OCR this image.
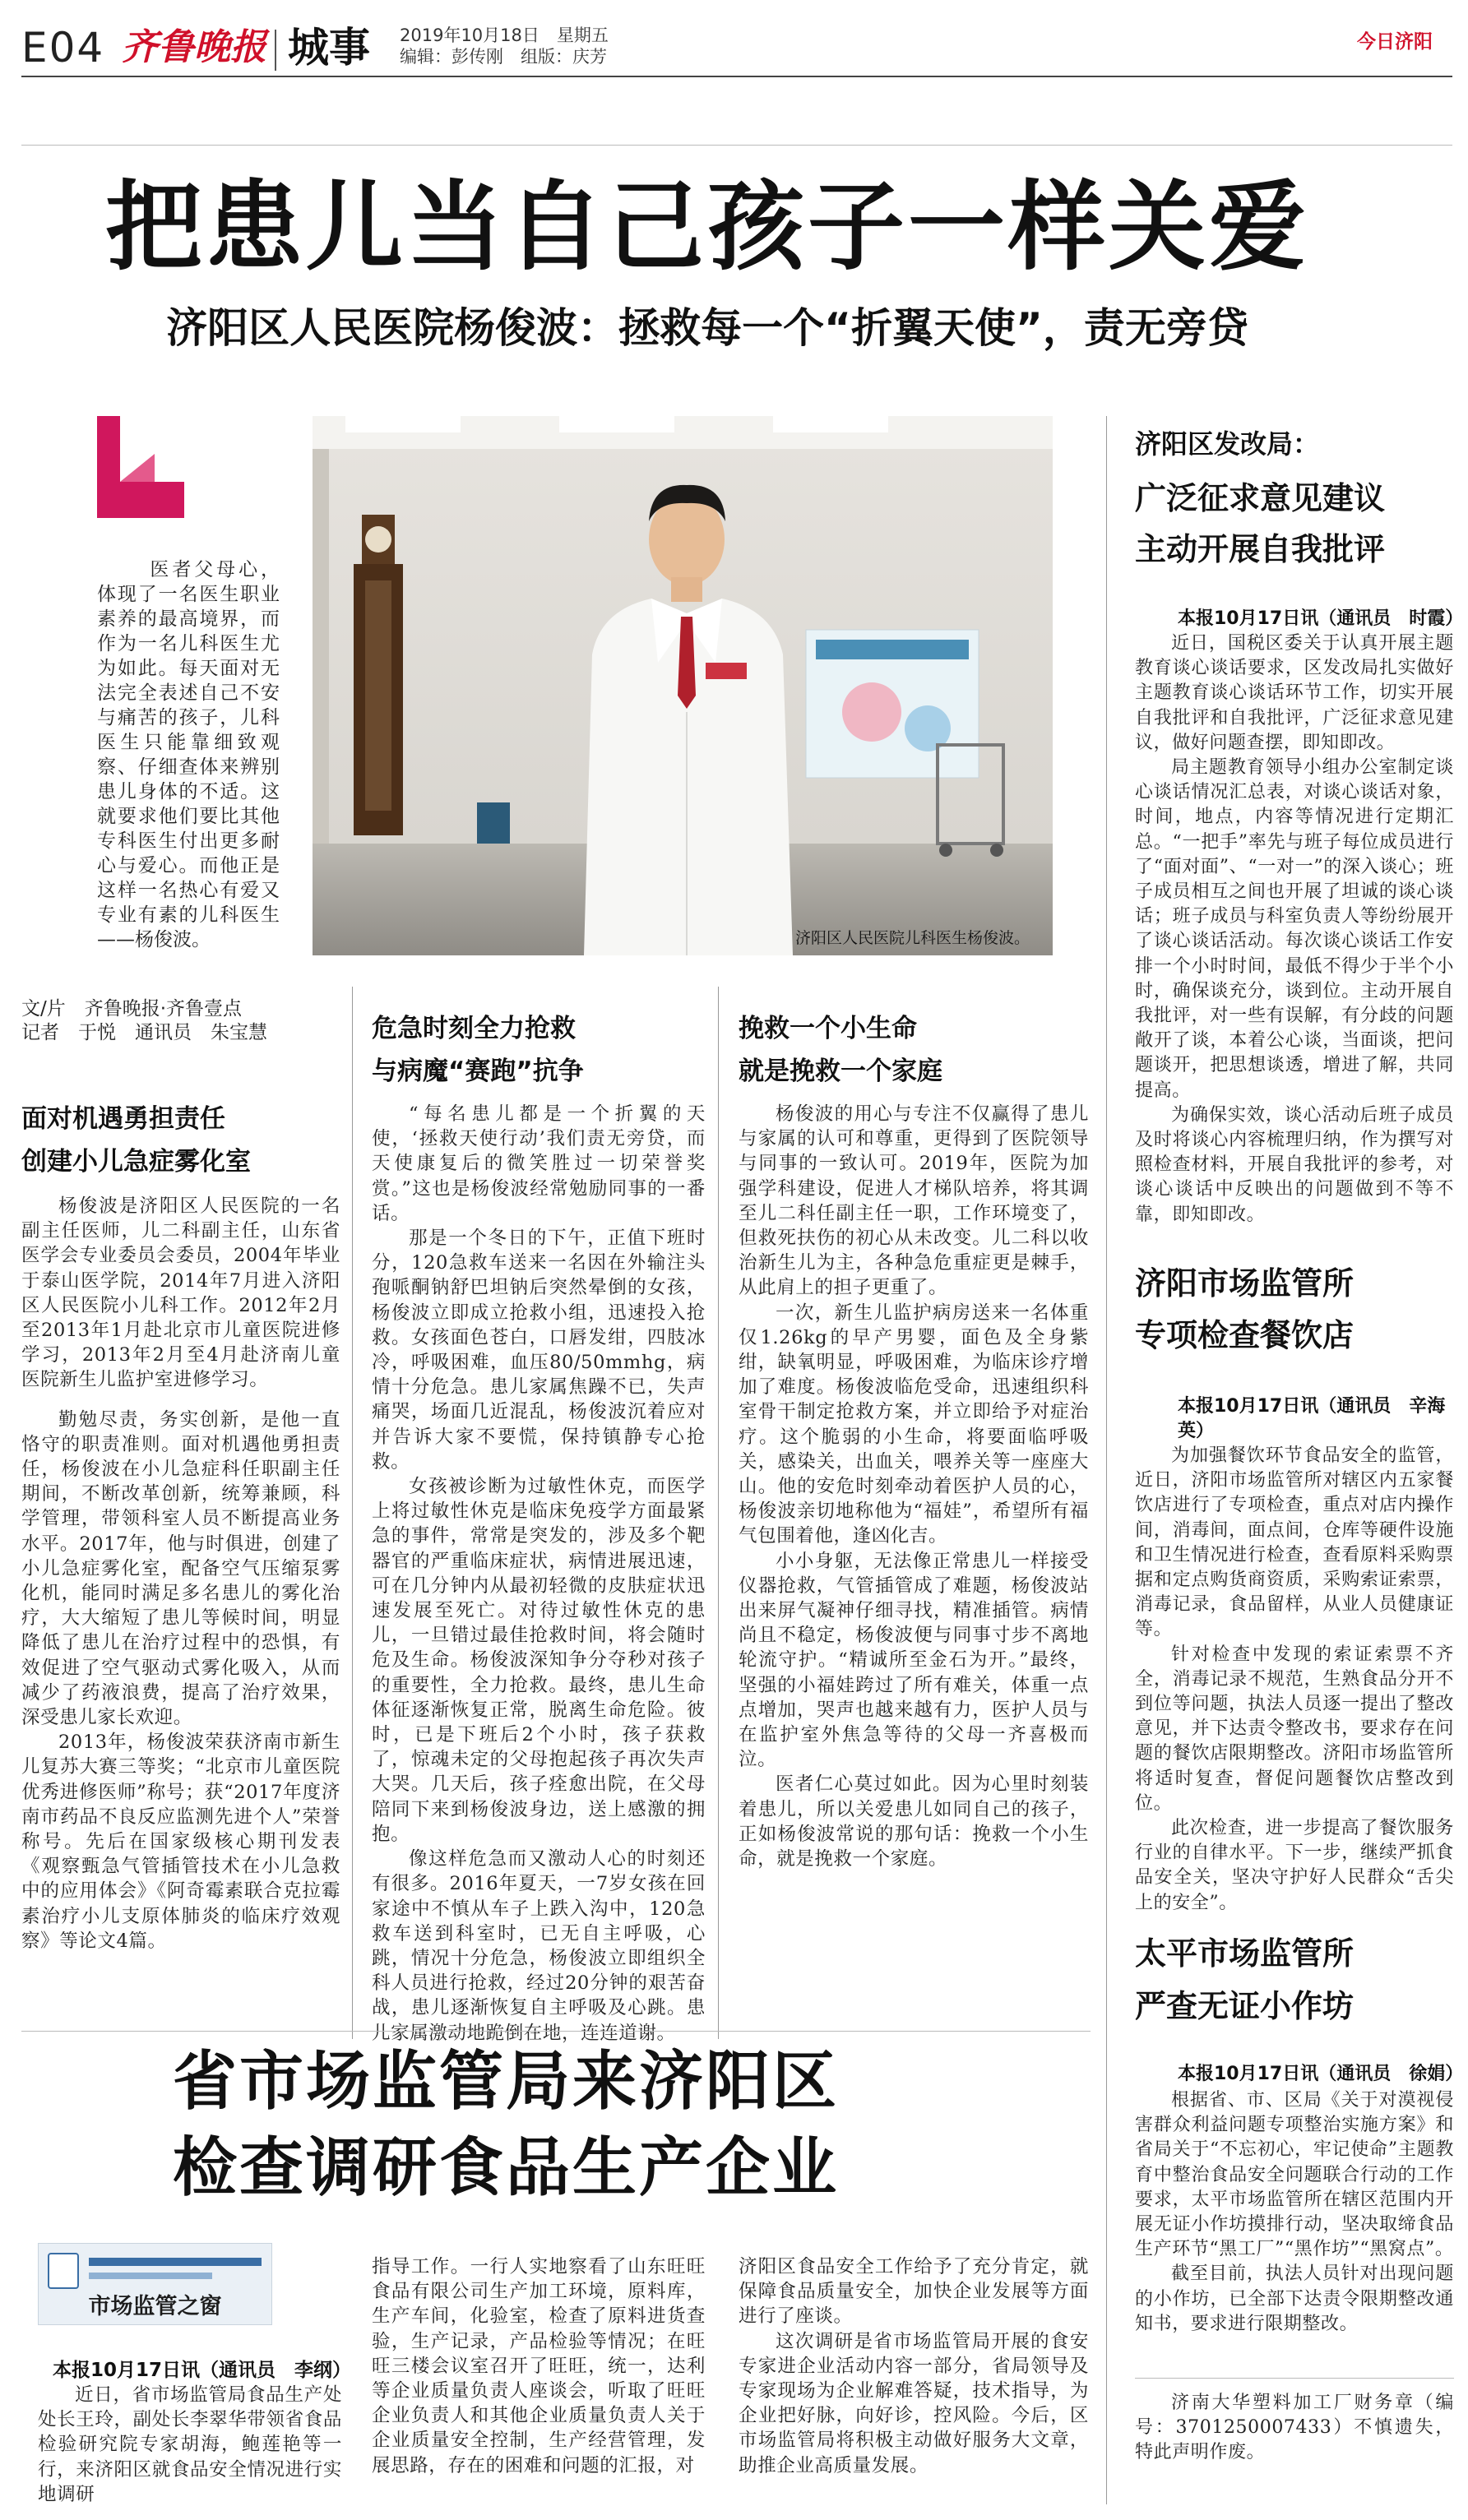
E04 齐鲁晚报 城事 2019年10月18日　星期五
编辑：彭传刚　组版：庆芳
今日济阳
把患儿当自己孩子一样关爱
济阳区人民医院杨俊波：拯救每一个“折翼天使”，责无旁贷
医者父母心，体现了一名医生职业素养的最高境界，而作为一名儿科医生尤为如此。每天面对无法完全表述自己不安与痛苦的孩子，儿科医生只能靠细致观察、仔细查体来辨别患儿身体的不适。这就要求他们要比其他专科医生付出更多耐心与爱心。而他正是这样一名热心有爱又专业有素的儿科医生——杨俊波。	济阳区人民医院儿科医生杨俊波。
文/片　齐鲁晚报·齐鲁壹点
记者　于悦　通讯员　朱宝慧
面对机遇勇担责任
创建小儿急症雾化室

杨俊波是济阳区人民医院的一名副主任医师，儿二科副主任，山东省医学会专业委员会委员，2004年毕业于泰山医学院，2014年7月进入济阳区人民医院小儿科工作。2012年2月至2013年1月赴北京市儿童医院进修学习，2013年2月至4月赴济南儿童医院新生儿监护室进修学习。

勤勉尽责，务实创新，是他一直恪守的职责准则。面对机遇他勇担责任，杨俊波在小儿急症科任职副主任期间，不断改革创新，统筹兼顾，科学管理，带领科室人员不断提高业务水平。2017年，他与时俱进，创建了小儿急症雾化室，配备空气压缩泵雾化机，能同时满足多名患儿的雾化治疗，大大缩短了患儿等候时间，明显降低了患儿在治疗过程中的恐惧，有效促进了空气驱动式雾化吸入，从而减少了药液浪费，提高了治疗效果，深受患儿家长欢迎。

2013年，杨俊波荣获济南市新生儿复苏大赛三等奖；“北京市儿童医院优秀进修医师”称号；获“2017年度济南市药品不良反应监测先进个人”荣誉称号。先后在国家级核心期刊发表《观察甄急气管插管技术在小儿急救中的应用体会》《阿奇霉素联合克拉霉素治疗小儿支原体肺炎的临床疗效观察》等论文4篇。

危急时刻全力抢救
与病魔“赛跑”抗争

“每名患儿都是一个折翼的天使，‘拯救天使行动’我们责无旁贷，而天使康复后的微笑胜过一切荣誉奖赏。”这也是杨俊波经常勉励同事的一番话。

那是一个冬日的下午，正值下班时分，120急救车送来一名因在外输注头孢哌酮钠舒巴坦钠后突然晕倒的女孩，杨俊波立即成立抢救小组，迅速投入抢救。女孩面色苍白，口唇发绀，四肢冰冷，呼吸困难，血压80/50mmhg，病情十分危急。患儿家属焦躁不已，失声痛哭，场面几近混乱，杨俊波沉着应对并告诉大家不要慌，保持镇静专心抢救。

女孩被诊断为过敏性休克，而医学上将过敏性休克是临床免疫学方面最紧急的事件，常常是突发的，涉及多个靶器官的严重临床症状，病情进展迅速，可在几分钟内从最初轻微的皮肤症状迅速发展至死亡。对待过敏性休克的患儿，一旦错过最佳抢救时间，将会随时危及生命。杨俊波深知争分夺秒对孩子的重要性，全力抢救。最终，患儿生命体征逐渐恢复正常，脱离生命危险。彼时，已是下班后2个小时，孩子获救了，惊魂未定的父母抱起孩子再次失声大哭。几天后，孩子痊愈出院，在父母陪同下来到杨俊波身边，送上感激的拥抱。

像这样危急而又激动人心的时刻还有很多。2016年夏天，一7岁女孩在回家途中不慎从车子上跌入沟中，120急救车送到科室时，已无自主呼吸，心跳，情况十分危急，杨俊波立即组织全科人员进行抢救，经过20分钟的艰苦奋战，患儿逐渐恢复自主呼吸及心跳。患儿家属激动地跪倒在地，连连道谢。

挽救一个小生命
就是挽救一个家庭

杨俊波的用心与专注不仅赢得了患儿与家属的认可和尊重，更得到了医院领导与同事的一致认可。2019年，医院为加强学科建设，促进人才梯队培养，将其调至儿二科任副主任一职，工作环境变了，但救死扶伤的初心从未改变。儿二科以收治新生儿为主，各种急危重症更是棘手，从此肩上的担子更重了。

一次，新生儿监护病房送来一名体重仅1.26kg的早产男婴，面色及全身紫绀，缺氧明显，呼吸困难，为临床诊疗增加了难度。杨俊波临危受命，迅速组织科室骨干制定抢救方案，并立即给予对症治疗。这个脆弱的小生命，将要面临呼吸关，感染关，出血关，喂养关等一座座大山。他的安危时刻牵动着医护人员的心，杨俊波亲切地称他为“福娃”，希望所有福气包围着他，逢凶化吉。

小小身躯，无法像正常患儿一样接受仪器抢救，气管插管成了难题，杨俊波站出来屏气凝神仔细寻找，精准插管。病情尚且不稳定，杨俊波便与同事寸步不离地轮流守护。“精诚所至金石为开。”最终，坚强的小福娃跨过了所有难关，体重一点点增加，哭声也越来越有力，医护人员与在监护室外焦急等待的父母一齐喜极而泣。

医者仁心莫过如此。因为心里时刻装着患儿，所以关爱患儿如同自己的孩子，正如杨俊波常说的那句话：挽救一个小生命，就是挽救一个家庭。

省市场监管局来济阳区
检查调研食品生产企业
市场监管之窗
本报10月17日讯（通讯员　李纲）
近日，省市场监管局食品生产处处长王玲，副处长李翠华带领省食品检验研究院专家胡海，鲍莲艳等一行，来济阳区就食品安全情况进行实地调研
指导工作。一行人实地察看了山东旺旺食品有限公司生产加工环境，原料库，生产车间，化验室，检查了原料进货查验，生产记录，产品检验等情况；在旺旺三楼会议室召开了旺旺，统一，达利等企业质量负责人座谈会，听取了旺旺企业负责人和其他企业质量负责人关于企业质量安全控制，生产经营管理，发展思路，存在的困难和问题的汇报，对
济阳区食品安全工作给予了充分肯定，就保障食品质量安全，加快企业发展等方面进行了座谈。

这次调研是省市场监管局开展的食安专家进企业活动内容一部分，省局领导及专家现场为企业解难答疑，技术指导，为企业把好脉，向好诊，控风险。今后，区市场监管局将积极主动做好服务大文章，助推企业高质量发展。

济阳区发改局：
广泛征求意见建议
主动开展自我批评
本报10月17日讯（通讯员　时霞）

近日，国税区委关于认真开展主题教育谈心谈话要求，区发改局扎实做好主题教育谈心谈话环节工作，切实开展自我批评和自我批评，广泛征求意见建议，做好问题查摆，即知即改。

局主题教育领导小组办公室制定谈心谈话情况汇总表，对谈心谈话对象，时间，地点，内容等情况进行定期汇总。“一把手”率先与班子每位成员进行了“面对面”、“一对一”的深入谈心；班子成员相互之间也开展了坦诚的谈心谈话；班子成员与科室负责人等纷纷展开了谈心谈话活动。每次谈心谈话工作安排一个小时时间，最低不得少于半个小时，确保谈充分，谈到位。主动开展自我批评，对一些有误解，有分歧的问题敞开了谈，本着公心谈，当面谈，把问题谈开，把思想谈透，增进了解，共同提高。

为确保实效，谈心活动后班子成员及时将谈心内容梳理归纳，作为撰写对照检查材料，开展自我批评的参考，对谈心谈话中反映出的问题做到不等不靠，即知即改。

济阳市场监管所
专项检查餐饮店
本报10月17日讯（通讯员　辛海英）

为加强餐饮环节食品安全的监管，近日，济阳市场监管所对辖区内五家餐饮店进行了专项检查，重点对店内操作间，消毒间，面点间，仓库等硬件设施和卫生情况进行检查，查看原料采购票据和定点购货商资质，采购索证索票，消毒记录，食品留样，从业人员健康证等。

针对检查中发现的索证索票不齐全，消毒记录不规范，生熟食品分开不到位等问题，执法人员逐一提出了整改意见，并下达责令整改书，要求存在问题的餐饮店限期整改。济阳市场监管所将适时复查，督促问题餐饮店整改到位。

此次检查，进一步提高了餐饮服务行业的自律水平。下一步，继续严抓食品安全关，坚决守护好人民群众“舌尖上的安全”。

太平市场监管所
严查无证小作坊
本报10月17日讯（通讯员　徐娟）

根据省、市、区局《关于对漠视侵害群众利益问题专项整治实施方案》和省局关于“不忘初心，牢记使命”主题教育中整治食品安全问题联合行动的工作要求，太平市场监管所在辖区范围内开展无证小作坊摸排行动，坚决取缔食品生产环节“黑工厂”“黑作坊”“黑窝点”。

截至目前，执法人员针对出现问题的小作坊，已全部下达责令限期整改通知书，要求进行限期整改。

济南大华塑料加工厂财务章（编号：3701250007433）不慎遗失，特此声明作废。
